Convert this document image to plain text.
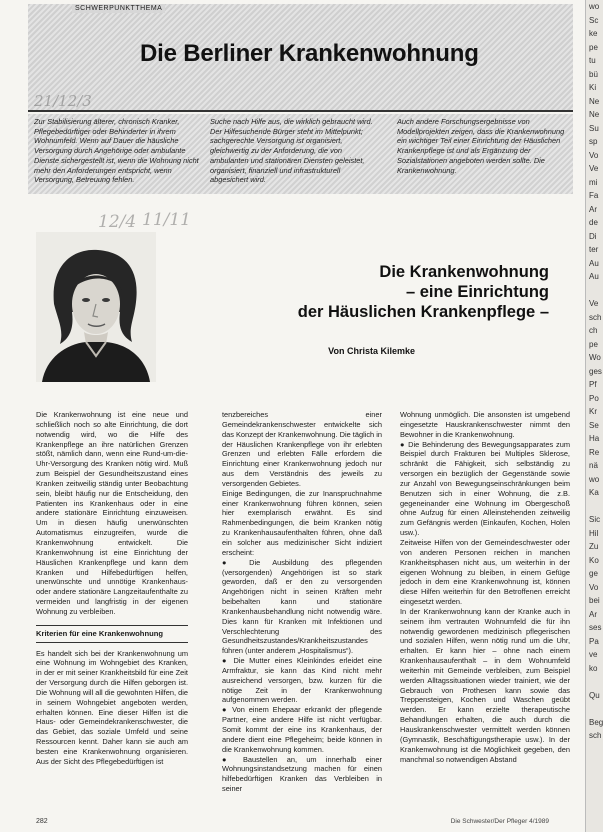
SCHWERPUNKTTHEMA
Die Berliner Krankenwohnung
21/12/3
Zur Stabilisierung älterer, chronisch Kranker, Pflegebedürftiger oder Behinderter in ihrem Wohnumfeld. Wenn auf Dauer die häusliche Versorgung durch Angehörige oder ambulante Dienste sichergestellt ist, wenn die Wohnung nicht mehr den Anforderungen entspricht, wenn Versorgung, Betreuung fehlen.
Suche nach Hilfe aus, die wirklich gebraucht wird. Der Hilfesuchende Bürger steht im Mittelpunkt; sachgerechte Versorgung ist organisiert, gleichwertig zu der Anforderung, die von ambulanten und stationären Diensten geleistet, organisiert, finanziell und infrastrukturell abgesichert wird.
Auch andere Forschungsergebnisse von Modellprojekten zeigen, dass die Krankenwohnung ein wichtiger Teil einer Einrichtung der Häuslichen Krankenpflege ist und als Ergänzung der Sozialstationen angeboten werden sollte. Die Krankenwohnung.
12/4 11/11
Die Krankenwohnung
– eine Einrichtung
der Häuslichen Krankenpflege –
Von Christa Kilemke

Die Krankenwohnung ist eine neue und schließlich noch so alte Einrichtung, die dort notwendig wird, wo die Hilfe des Krankenpflege an ihre natürlichen Grenzen stößt, nämlich dann, wenn eine Rund-um-die-Uhr-Versorgung des Kranken nötig wird. Muß zum Beispiel der Gesundheitszustand eines Kranken zeitweilig ständig unter Beobachtung sein, bleibt häufig nur die Entscheidung, den Patienten ins Krankenhaus oder in eine andere stationäre Einrichtung einzuweisen. Um in diesen häufig unerwünschten Automatismus einzugreifen, wurde die Krankenwohnung entwickelt. Die Krankenwohnung ist eine Einrichtung der Häuslichen Krankenpflege und kann dem Kranken und Hilfebedürftigen helfen, unerwünschte und unnötige Krankenhaus- oder andere stationäre Langzeitaufenthalte zu vermeiden und langfristig in der eigenen Wohnung zu verbleiben.

Kriterien für eine Krankenwohnung

Es handelt sich bei der Krankenwohnung um eine Wohnung im Wohngebiet des Kranken, in der er mit seiner Krankheitsbild für eine Zeit der Versorgung durch die Hilfen geborgen ist. Die Wohnung will all die gewohnten Hilfen, die in seinem Wohngebiet angeboten werden, erhalten können. Eine dieser Hilfen ist die Haus- oder Gemeindekrankenschwester, die das Gebiet, das soziale Umfeld und seine Ressourcen kennt. Daher kann sie auch am besten eine Krankenwohnung organisieren. Aus der Sicht des Pflegebedürftigen ist

tenzbereiches einer Gemeindekrankenschwester entwickelte sich das Konzept der Krankenwohnung. Die täglich in der Häuslichen Krankenpflege von ihr erlebten Grenzen und erlebten Fälle erfordern die Einrichtung einer Krankenwohnung jedoch nur aus dem Verständnis des jeweils zu versorgenden Gebietes.

Einige Bedingungen, die zur Inanspruchnahme einer Krankenwohnung führen können, seien hier exemplarisch erwähnt. Es sind Rahmenbedingungen, die beim Kranken nötig zu Krankenhausaufenthalten führen, ohne daß ein solcher aus medizinischer Sicht indiziert erscheint:

● Die Ausbildung des pflegenden (versorgenden) Angehörigen ist so stark geworden, daß er den zu versorgenden Angehörigen nicht in seinen Kräften mehr beibehalten kann und stationäre Krankenhausbehandlung nicht notwendig wäre. Dies kann für Kranken mit Infektionen und Verschlechterung des Gesundheitszustandes/Krankheitszustandes führen (unter anderem „Hospitalismus“).

● Die Mutter eines Kleinkindes erleidet eine Armfraktur, sie kann das Kind nicht mehr ausreichend versorgen, bzw. kurzen für die nötige Zeit in der Krankenwohnung aufgenommen werden.

● Von einem Ehepaar erkrankt der pflegende Partner, eine andere Hilfe ist nicht verfügbar. Somit kommt der eine ins Krankenhaus, der andere dient eine Pflegeheim; beide können in die Krankenwohnung kommen.

● Baustellen an, um innerhalb einer Wohnungsinstandsetzung machen für einen hilfebedürftigen Kranken das Verbleiben in seiner

Wohnung unmöglich. Die ansonsten ist umgebend eingesetzte Hauskrankenschwester nimmt den Bewohner in die Krankenwohnung.

● Die Behinderung des Bewegungsapparates zum Beispiel durch Frakturen bei Multiples Sklerose, schränkt die Fähigkeit, sich selbständig zu versorgen ein bezüglich der Gegenstände sowie zur Anzahl von Bewegungseinschränkungen beim Benutzen sich in einer Wohnung, die z.B. gegeneinander eine Wohnung im Obergeschoß ohne Aufzug für einen Alleinstehenden zeitweilig zum Gefängnis werden (Einkaufen, Kochen, Holen usw.).

Zeitweise Hilfen von der Gemeindeschwester oder von anderen Personen reichen in manchen Krankheitsphasen nicht aus, um weiterhin in der eigenen Wohnung zu bleiben, in einem Gefüge jedoch in dem eine Krankenwohnung ist, können diese Hilfen weiterhin für den Betroffenen erreicht eingesetzt werden.

In der Krankenwohnung kann der Kranke auch in seinem ihm vertrauten Wohnumfeld die für ihn notwendig gewordenen medizinisch pflegerischen und sozialen Hilfen, wenn nötig rund um die Uhr, erhalten. Er kann hier – ohne nach einem Krankenhausaufenthalt – in dem Wohnumfeld weiterhin mit Gemeinde verbleiben, zum Beispiel werden Alltagssituationen wieder trainiert, wie der Gebrauch von Prothesen kann sowie das Treppensteigen, Kochen und Waschen geübt werden. Er kann erzielte therapeutische Behandlungen erhalten, die auch durch die Hauskrankenschwester vermittelt werden können (Gymnastik, Beschäftigungstherapie usw.). In der Krankenwohnung ist die Möglichkeit gegeben, den manchmal so notwendigen Abstand

282	Die Schwester/Der Pfleger 4/1989
wo
Sc
ke
pe
tu
bü
Ki
Ne
Ne
Su
sp
Vo
Ve
mi
Fa
Ar
de
Di
ter
Au
Au

Ve
sch
ch
pe
Wo
ges
Pf
Po
Kr
Se
Ha
Re
nä
wo
Ka

Sic
Hil
Zu
Ko
ge
Vo
bei
Ar
ses
Pa
ve
ko

Qu

Beg
sch
